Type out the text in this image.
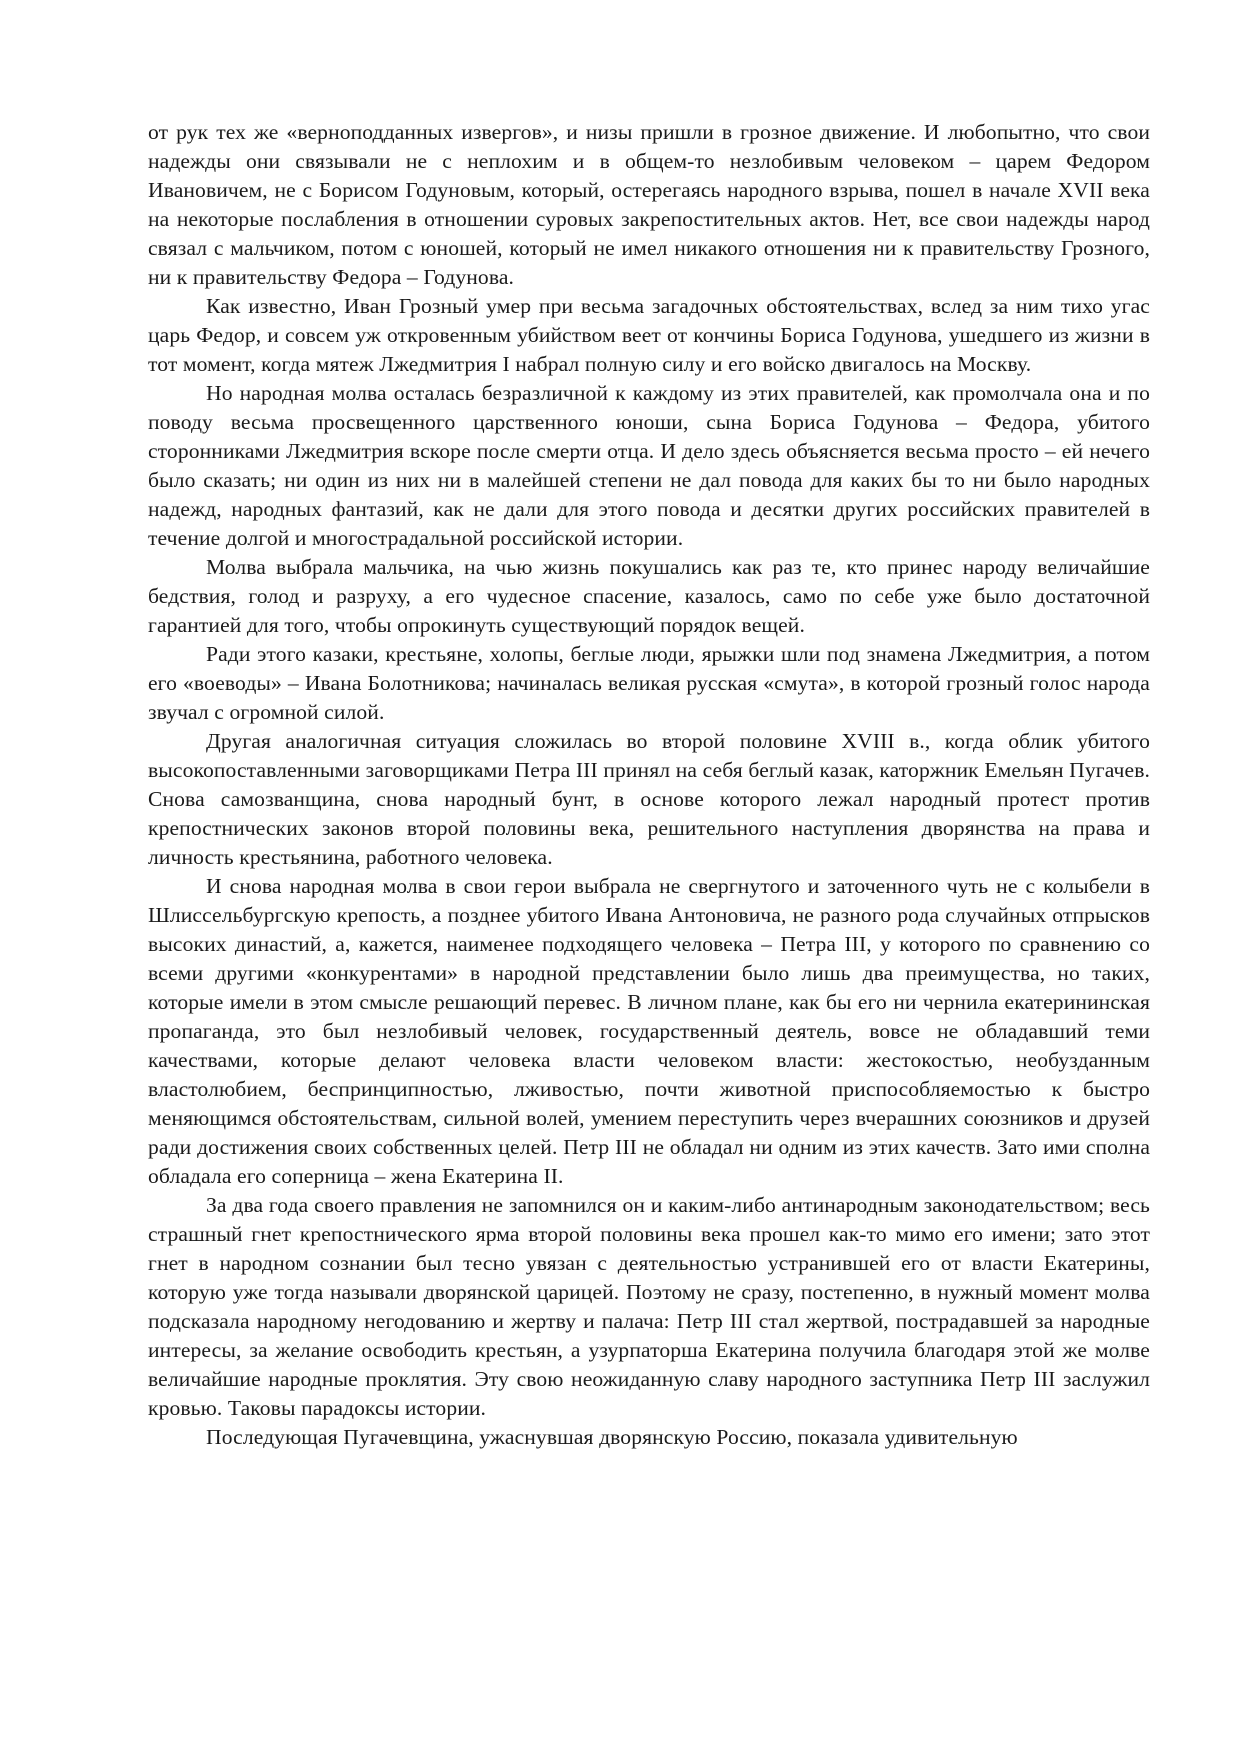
от рук тех же «верноподданных извергов», и низы пришли в грозное движение. И любопытно, что свои надежды они связывали не с неплохим и в общем-то незлобивым человеком – царем Федором Ивановичем, не с Борисом Годуновым, который, остерегаясь народного взрыва, пошел в начале XVII века на некоторые послабления в отношении суровых закрепостительных актов. Нет, все свои надежды народ связал с мальчиком, потом с юношей, который не имел никакого отношения ни к правительству Грозного, ни к правительству Федора – Годунова.

Как известно, Иван Грозный умер при весьма загадочных обстоятельствах, вслед за ним тихо угас царь Федор, и совсем уж откровенным убийством веет от кончины Бориса Годунова, ушедшего из жизни в тот момент, когда мятеж Лжедмитрия I набрал полную силу и его войско двигалось на Москву.

Но народная молва осталась безразличной к каждому из этих правителей, как промолчала она и по поводу весьма просвещенного царственного юноши, сына Бориса Годунова – Федора, убитого сторонниками Лжедмитрия вскоре после смерти отца. И дело здесь объясняется весьма просто – ей нечего было сказать; ни один из них ни в малейшей степени не дал повода для каких бы то ни было народных надежд, народных фантазий, как не дали для этого повода и десятки других российских правителей в течение долгой и многострадальной российской истории.

Молва выбрала мальчика, на чью жизнь покушались как раз те, кто принес народу величайшие бедствия, голод и разруху, а его чудесное спасение, казалось, само по себе уже было достаточной гарантией для того, чтобы опрокинуть существующий порядок вещей.

Ради этого казаки, крестьяне, холопы, беглые люди, ярыжки шли под знамена Лжедмитрия, а потом его «воеводы» – Ивана Болотникова; начиналась великая русская «смута», в которой грозный голос народа звучал с огромной силой.

Другая аналогичная ситуация сложилась во второй половине XVIII в., когда облик убитого высокопоставленными заговорщиками Петра III принял на себя беглый казак, каторжник Емельян Пугачев. Снова самозванщина, снова народный бунт, в основе которого лежал народный протест против крепостнических законов второй половины века, решительного наступления дворянства на права и личность крестьянина, работного человека.

И снова народная молва в свои герои выбрала не свергнутого и заточенного чуть не с колыбели в Шлиссельбургскую крепость, а позднее убитого Ивана Антоновича, не разного рода случайных отпрысков высоких династий, а, кажется, наименее подходящего человека – Петра III, у которого по сравнению со всеми другими «конкурентами» в народной представлении было лишь два преимущества, но таких, которые имели в этом смысле решающий перевес. В личном плане, как бы его ни чернила екатерининская пропаганда, это был незлобивый человек, государственный деятель, вовсе не обладавший теми качествами, которые делают человека власти человеком власти: жестокостью, необузданным властолюбием, беспринципностью, лживостью, почти животной приспособляемостью к быстро меняющимся обстоятельствам, сильной волей, умением переступить через вчерашних союзников и друзей ради достижения своих собственных целей. Петр III не обладал ни одним из этих качеств. Зато ими сполна обладала его соперница – жена Екатерина II.

За два года своего правления не запомнился он и каким-либо антинародным законодательством; весь страшный гнет крепостнического ярма второй половины века прошел как-то мимо его имени; зато этот гнет в народном сознании был тесно увязан с деятельностью устранившей его от власти Екатерины, которую уже тогда называли дворянской царицей. Поэтому не сразу, постепенно, в нужный момент молва подсказала народному негодованию и жертву и палача: Петр III стал жертвой, пострадавшей за народные интересы, за желание освободить крестьян, а узурпаторша Екатерина получила благодаря этой же молве величайшие народные проклятия. Эту свою неожиданную славу народного заступника Петр III заслужил кровью. Таковы парадоксы истории.

Последующая Пугачевщина, ужаснувшая дворянскую Россию, показала удивительную
